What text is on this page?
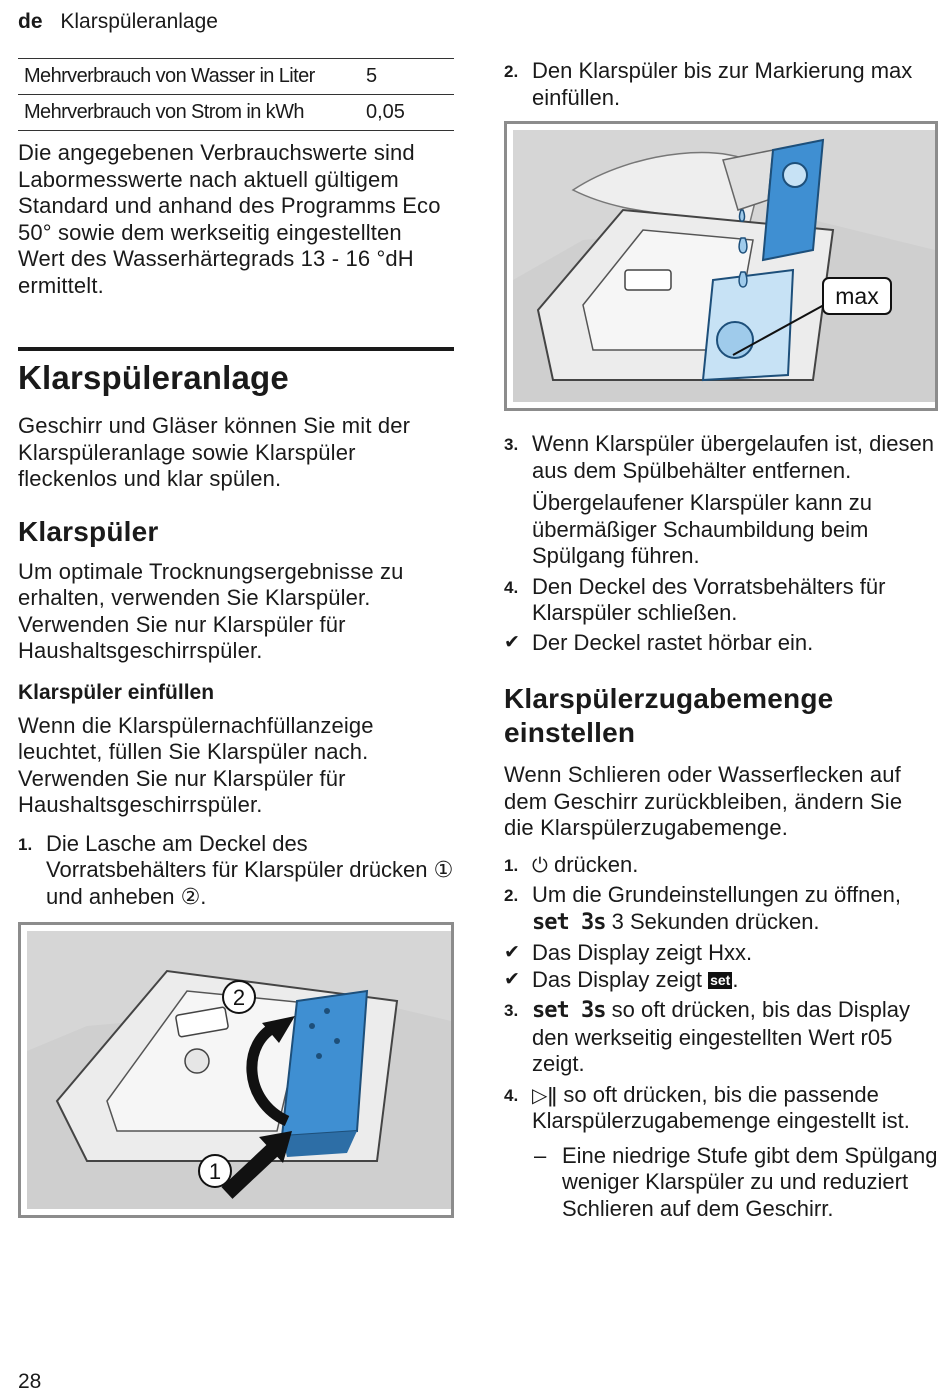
de Klarspüleranlage
Mehrverbrauch von Wasser in Liter	5
Mehrverbrauch von Strom in kWh	0,05

Die angegebenen Verbrauchswerte sind Labormesswerte nach aktuell gültigem Standard und anhand des Programms Eco 50° sowie dem werkseitig eingestellten Wert des Wasserhärtegrads 13 - 16 °dH ermittelt.

Klarspüleranlage

Geschirr und Gläser können Sie mit der Klarspüleranlage sowie Klarspüler fleckenlos und klar spülen.

Klarspüler

Um optimale Trocknungsergebnisse zu erhalten, verwenden Sie Klarspüler.

Verwenden Sie nur Klarspüler für Haushaltsgeschirrspüler.

Klarspüler einfüllen

Wenn die Klarspülernachfüllanzeige leuchtet, füllen Sie Klarspüler nach.

Verwenden Sie nur Klarspüler für Haushaltsgeschirrspüler.

1. Die Lasche am Deckel des Vorratsbehälters für Klarspüler drücken ① und anheben ②.
2
1
2. Den Klarspüler bis zur Markierung max einfüllen.
max
3. Wenn Klarspüler übergelaufen ist, diesen aus dem Spülbehälter entfernen.
Übergelaufener Klarspüler kann zu übermäßiger Schaumbildung beim Spülgang führen.
4. Den Deckel des Vorratsbehälters für Klarspüler schließen.
✔ Der Deckel rastet hörbar ein.
Klarspülerzugabemenge einstellen

Wenn Schlieren oder Wasserflecken auf dem Geschirr zurückbleiben, ändern Sie die Klarspülerzugabemenge.

1. ⏻ drücken.
2. Um die Grundeinstellungen zu öffnen, set 3s 3 Sekunden drücken.
✔ Das Display zeigt Hxx.
✔ Das Display zeigt set.
3. set 3s so oft drücken, bis das Display den werkseitig eingestellten Wert r05 zeigt.
4. ▷ǁ so oft drücken, bis die passende Klarspülerzugabemenge eingestellt ist.
– Eine niedrige Stufe gibt dem Spülgang weniger Klarspüler zu und reduziert Schlieren auf dem Geschirr.
28
